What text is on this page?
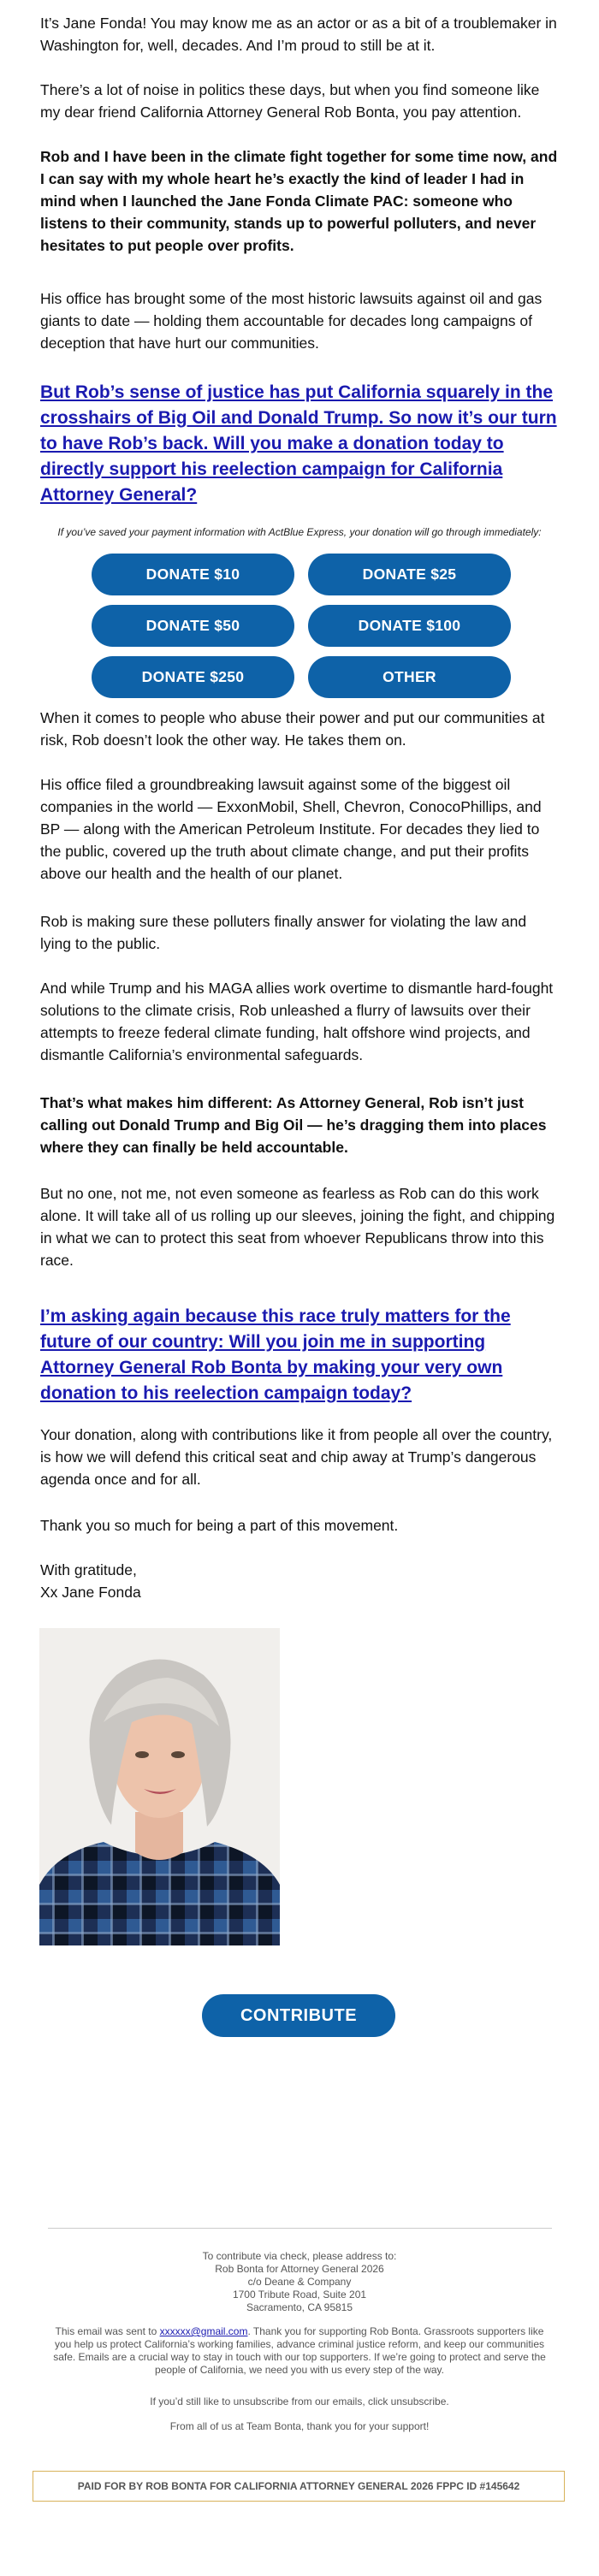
It’s Jane Fonda! You may know me as an actor or as a bit of a troublemaker in Washington for, well, decades. And I’m proud to still be at it.

There’s a lot of noise in politics these days, but when you find someone like my dear friend California Attorney General Rob Bonta, you pay attention.

Rob and I have been in the climate fight together for some time now, and I can say with my whole heart he’s exactly the kind of leader I had in mind when I launched the Jane Fonda Climate PAC: someone who listens to their community, stands up to powerful polluters, and never hesitates to put people over profits.

His office has brought some of the most historic lawsuits against oil and gas giants to date — holding them accountable for decades long campaigns of deception that have hurt our communities.

But Rob’s sense of justice has put California squarely in the crosshairs of Big Oil and Donald Trump. So now it’s our turn to have Rob’s back. Will you make a donation today to directly support his reelection campaign for California Attorney General?

If you’ve saved your payment information with ActBlue Express, your donation will go through immediately:

DONATE $10	DONATE $25
DONATE $50	DONATE $100
DONATE $250	OTHER

When it comes to people who abuse their power and put our communities at risk, Rob doesn’t look the other way. He takes them on.

His office filed a groundbreaking lawsuit against some of the biggest oil companies in the world — ExxonMobil, Shell, Chevron, ConocoPhillips, and BP — along with the American Petroleum Institute. For decades they lied to the public, covered up the truth about climate change, and put their profits above our health and the health of our planet.

Rob is making sure these polluters finally answer for violating the law and lying to the public.

And while Trump and his MAGA allies work overtime to dismantle hard-fought solutions to the climate crisis, Rob unleashed a flurry of lawsuits over their attempts to freeze federal climate funding, halt offshore wind projects, and dismantle California’s environmental safeguards.

That’s what makes him different: As Attorney General, Rob isn’t just calling out Donald Trump and Big Oil — he’s dragging them into places where they can finally be held accountable.

But no one, not me, not even someone as fearless as Rob can do this work alone. It will take all of us rolling up our sleeves, joining the fight, and chipping in what we can to protect this seat from whoever Republicans throw into this race.

I’m asking again because this race truly matters for the future of our country: Will you join me in supporting Attorney General Rob Bonta by making your very own donation to his reelection campaign today?

Your donation, along with contributions like it from people all over the country, is how we will defend this critical seat and chip away at Trump’s dangerous agenda once and for all.

Thank you so much for being a part of this movement.

With gratitude,

Xx Jane Fonda

CONTRIBUTE
To contribute via check, please address to:
Rob Bonta for Attorney General 2026
c/o Deane & Company
1700 Tribute Road, Suite 201
Sacramento, CA 95815
This email was sent to xxxxxx@gmail.com. Thank you for supporting Rob Bonta. Grassroots supporters like you help us protect California’s working families, advance criminal justice reform, and keep our communities safe. Emails are a crucial way to stay in touch with our top supporters. If we’re going to protect and serve the people of California, we need you with us every step of the way.
If you’d still like to unsubscribe from our emails, click unsubscribe.
From all of us at Team Bonta, thank you for your support!
PAID FOR BY ROB BONTA FOR CALIFORNIA ATTORNEY GENERAL 2026 FPPC ID #145642
